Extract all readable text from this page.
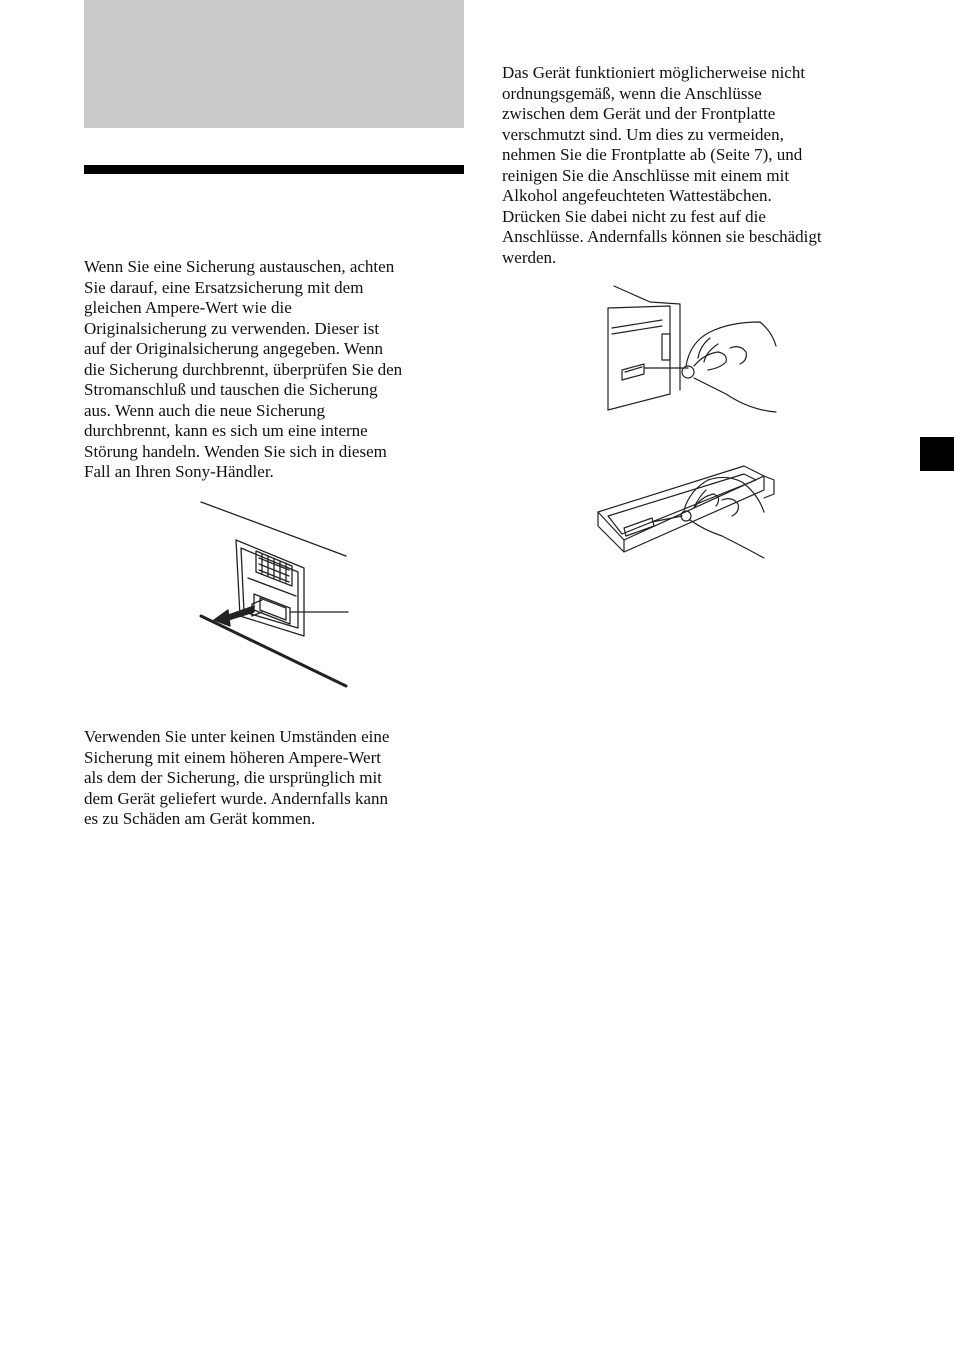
Wenn Sie eine Sicherung austauschen, achten
Sie darauf, eine Ersatzsicherung mit dem
gleichen Ampere-Wert wie die
Originalsicherung zu verwenden. Dieser ist
auf der Originalsicherung angegeben. Wenn
die Sicherung durchbrennt, überprüfen Sie den
Stromanschluß und tauschen die Sicherung
aus. Wenn auch die neue Sicherung
durchbrennt, kann es sich um eine interne
Störung handeln. Wenden Sie sich in diesem
Fall an Ihren Sony-Händler.

Verwenden Sie unter keinen Umständen eine
Sicherung mit einem höheren Ampere-Wert
als dem der Sicherung, die ursprünglich mit
dem Gerät geliefert wurde. Andernfalls kann
es zu Schäden am Gerät kommen.

Das Gerät funktioniert möglicherweise nicht
ordnungsgemäß, wenn die Anschlüsse
zwischen dem Gerät und der Frontplatte
verschmutzt sind. Um dies zu vermeiden,
nehmen Sie die Frontplatte ab (Seite 7), und
reinigen Sie die Anschlüsse mit einem mit
Alkohol angefeuchteten Wattestäbchen.
Drücken Sie dabei nicht zu fest auf die
Anschlüsse. Andernfalls können sie beschädigt
werden.
